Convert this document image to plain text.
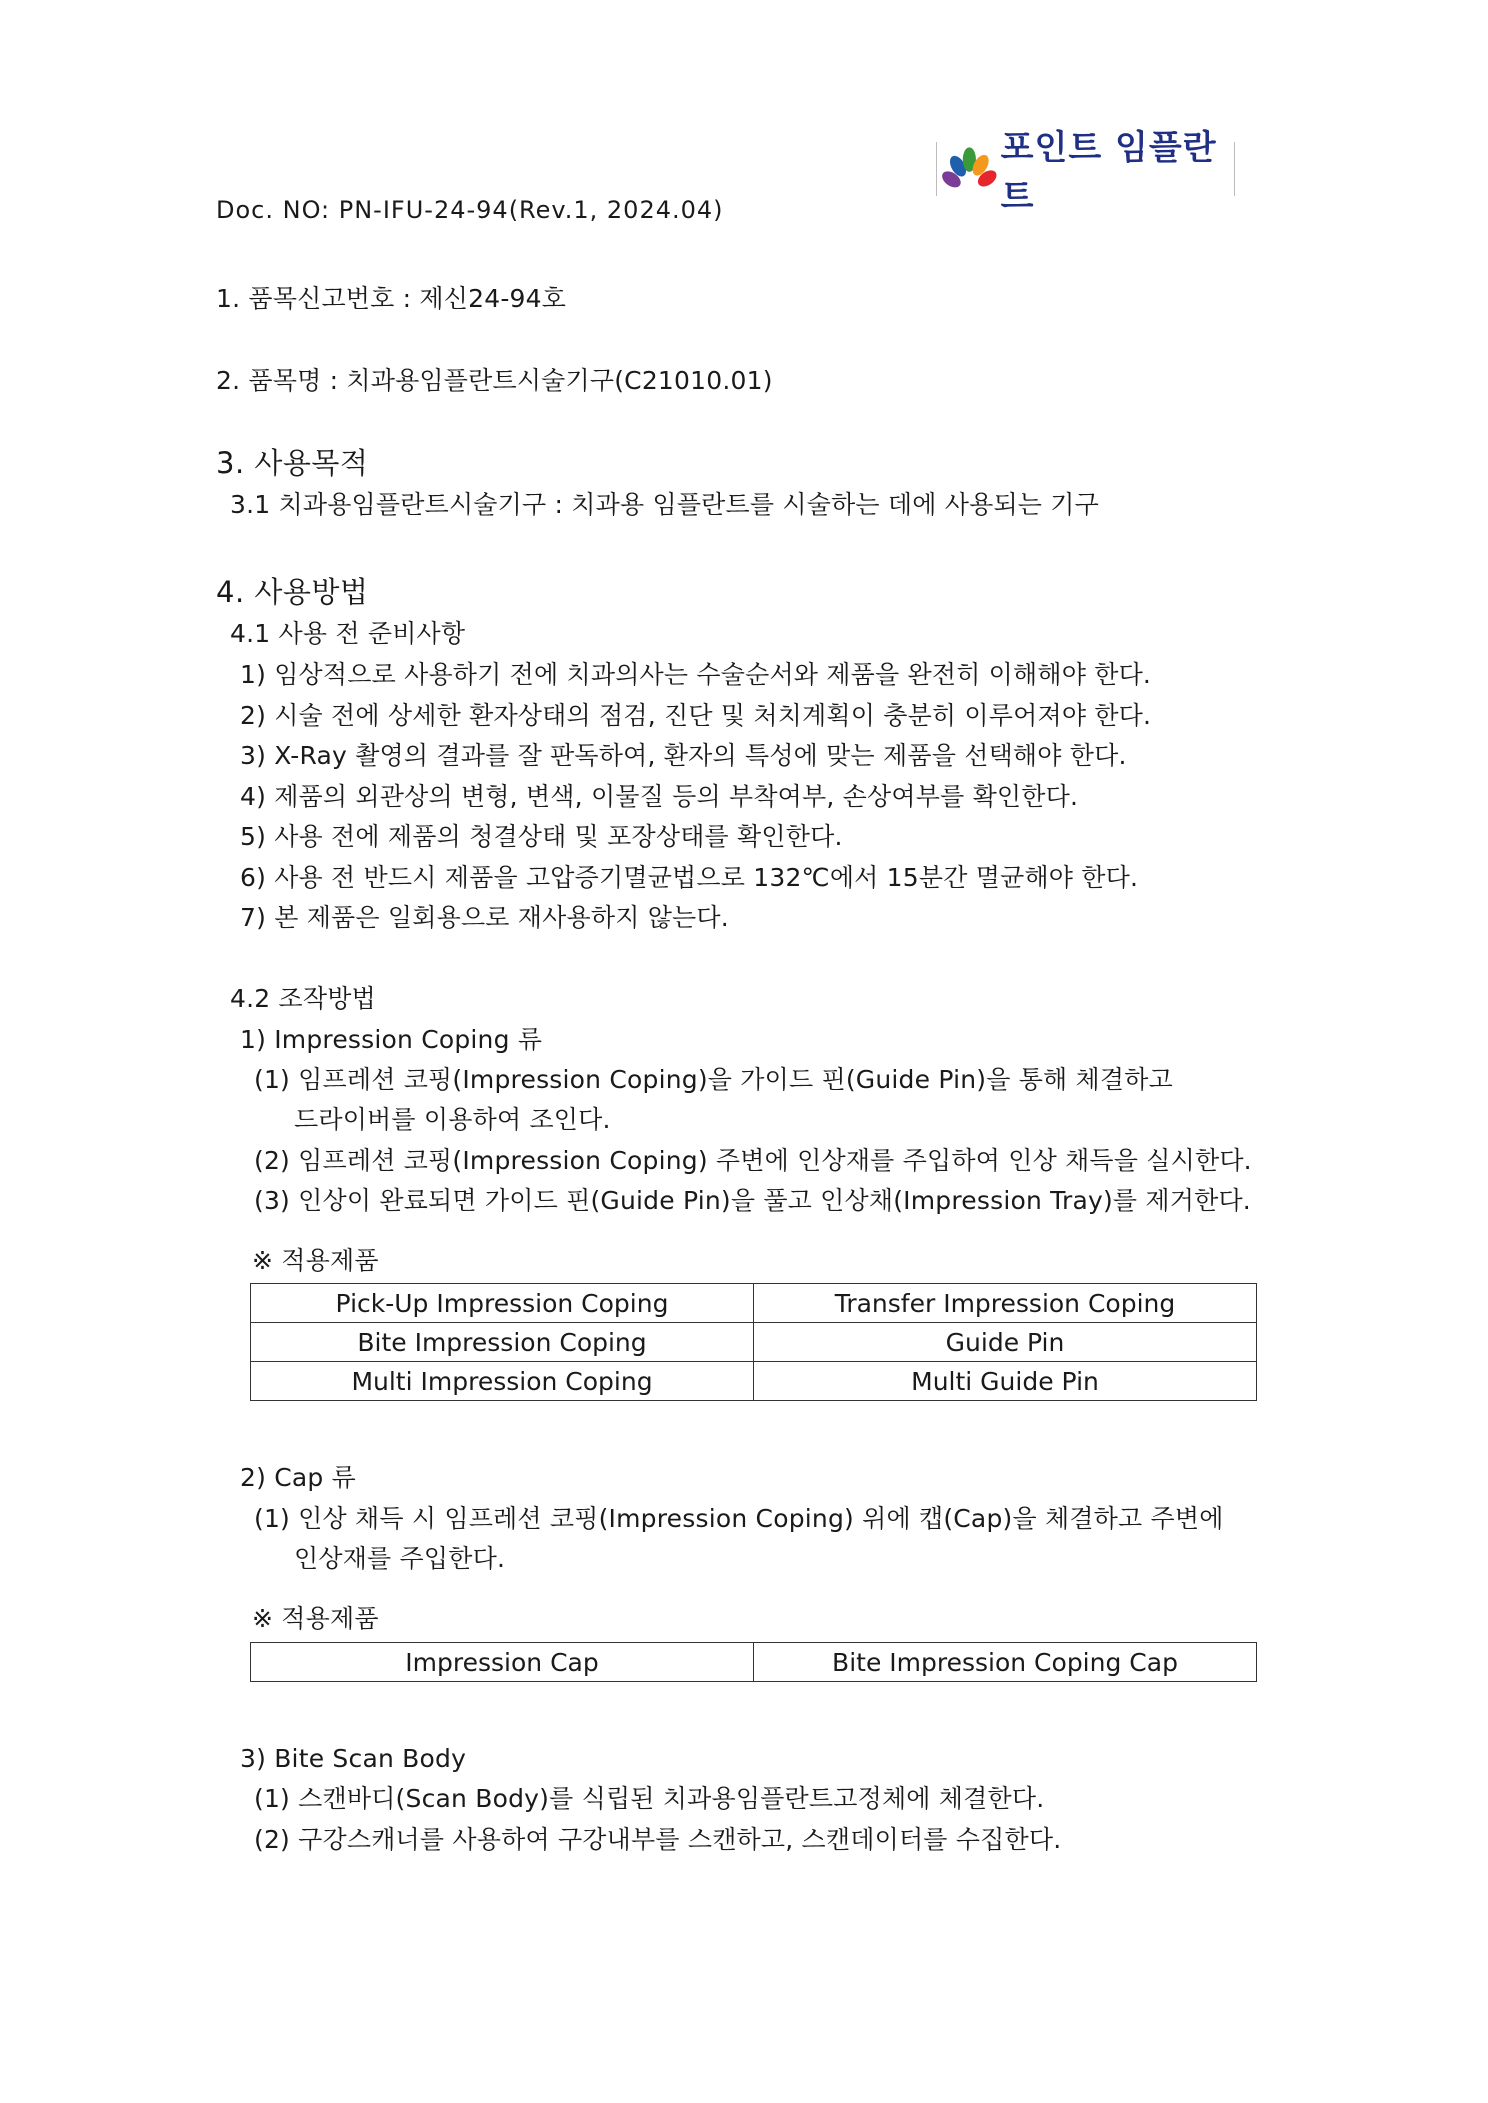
포인트 임플란트
Doc. NO: PN-IFU-24-94(Rev.1, 2024.04)
1. 품목신고번호 : 제신24-94호
2. 품목명 : 치과용임플란트시술기구(C21010.01)
3. 사용목적
3.1 치과용임플란트시술기구 : 치과용 임플란트를 시술하는 데에 사용되는 기구
4. 사용방법
4.1 사용 전 준비사항
1) 임상적으로 사용하기 전에 치과의사는 수술순서와 제품을 완전히 이해해야 한다.
2) 시술 전에 상세한 환자상태의 점검, 진단 및 처치계획이 충분히 이루어져야 한다.
3) X-Ray 촬영의 결과를 잘 판독하여, 환자의 특성에 맞는 제품을 선택해야 한다.
4) 제품의 외관상의 변형, 변색, 이물질 등의 부착여부, 손상여부를 확인한다.
5) 사용 전에 제품의 청결상태 및 포장상태를 확인한다.
6) 사용 전 반드시 제품을 고압증기멸균법으로 132℃에서 15분간 멸균해야 한다.
7) 본 제품은 일회용으로 재사용하지 않는다.
4.2 조작방법
1) Impression Coping 류
(1) 임프레션 코핑(Impression Coping)을 가이드 핀(Guide Pin)을 통해 체결하고
드라이버를 이용하여 조인다.
(2) 임프레션 코핑(Impression Coping) 주변에 인상재를 주입하여 인상 채득을 실시한다.
(3) 인상이 완료되면 가이드 핀(Guide Pin)을 풀고 인상채(Impression Tray)를 제거한다.
※ 적용제품
Pick-Up Impression Coping	Transfer Impression Coping
Bite Impression Coping	Guide Pin
Multi Impression Coping	Multi Guide Pin
2) Cap 류
(1) 인상 채득 시 임프레션 코핑(Impression Coping) 위에 캡(Cap)을 체결하고 주변에
인상재를 주입한다.
※ 적용제품
Impression Cap	Bite Impression Coping Cap
3) Bite Scan Body
(1) 스캔바디(Scan Body)를 식립된 치과용임플란트고정체에 체결한다.
(2) 구강스캐너를 사용하여 구강내부를 스캔하고, 스캔데이터를 수집한다.
